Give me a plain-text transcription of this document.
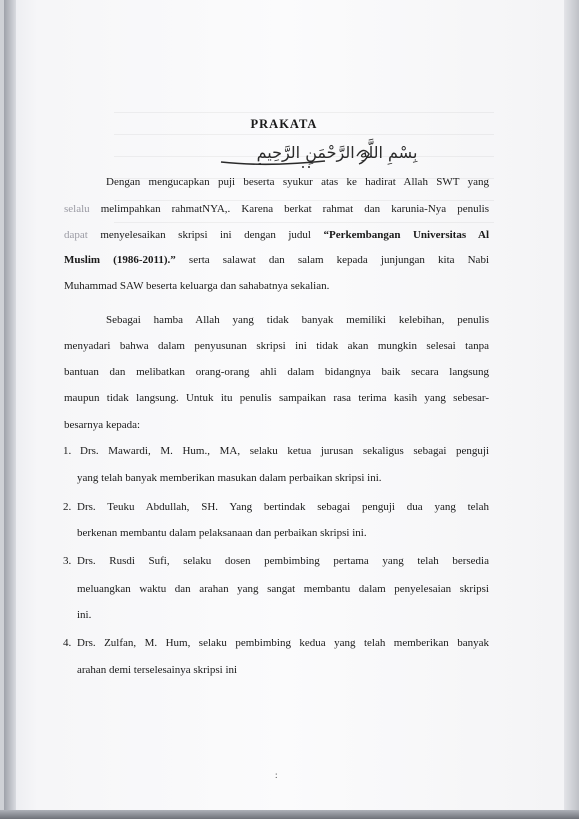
PRAKATA
بِسْمِ اللَّهِ الرَّحْمَنِ الرَّحِيمِ
Dengan mengucapkan puji beserta syukur atas ke hadirat Allah SWT yang
selalu melimpahkan rahmatNYA,. Karena berkat rahmat dan karunia-Nya penulis
dapat menyelesaikan skripsi ini dengan judul “Perkembangan Universitas Al
Muslim (1986-2011).” serta salawat dan salam kepada junjungan kita Nabi
Muhammad SAW beserta keluarga dan sahabatnya sekalian.
Sebagai hamba Allah yang tidak banyak memiliki kelebihan, penulis
menyadari bahwa dalam penyusunan skripsi ini tidak akan mungkin selesai tanpa
bantuan dan melibatkan orang-orang ahli dalam bidangnya baik secara langsung
maupun tidak langsung. Untuk itu penulis sampaikan rasa terima kasih yang sebesar-
besarnya kepada:
1. Drs. Mawardi, M. Hum., MA, selaku ketua jurusan sekaligus sebagai penguji
yang telah banyak memberikan masukan dalam perbaikan skripsi ini.
2. Drs. Teuku Abdullah, SH. Yang bertindak sebagai penguji dua yang telah
berkenan membantu dalam pelaksanaan dan perbaikan skripsi ini.
3. Drs. Rusdi Sufi, selaku dosen pembimbing pertama yang telah bersedia
meluangkan waktu dan arahan yang sangat membantu dalam penyelesaian skripsi
ini.
4. Drs. Zulfan, M. Hum, selaku pembimbing kedua yang telah memberikan banyak
arahan demi terselesainya skripsi ini
:
